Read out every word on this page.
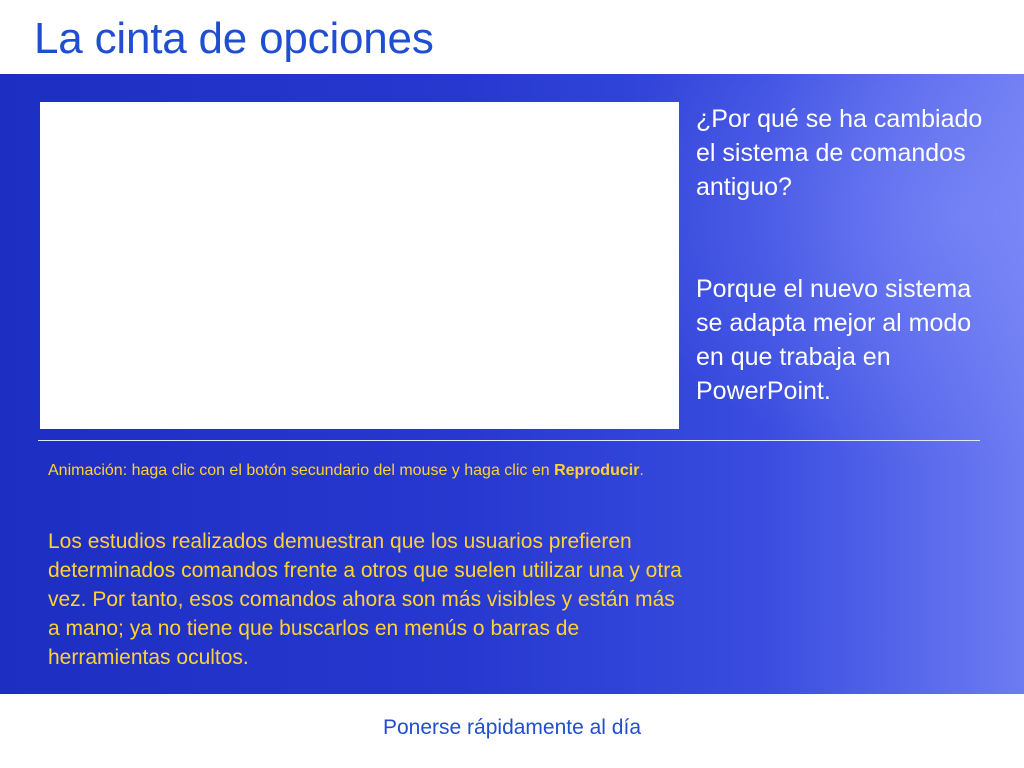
La cinta de opciones

¿Por qué se ha cambiado el sistema de comandos antiguo?

Porque el nuevo sistema se adapta mejor al modo en que trabaja en PowerPoint.

Animación: haga clic con el botón secundario del mouse y haga clic en Reproducir.

Los estudios realizados demuestran que los usuarios prefieren determinados comandos frente a otros que suelen utilizar una y otra vez. Por tanto, esos comandos ahora son más visibles y están más a mano; ya no tiene que buscarlos en menús o barras de herramientas ocultos.

Ponerse rápidamente al día
